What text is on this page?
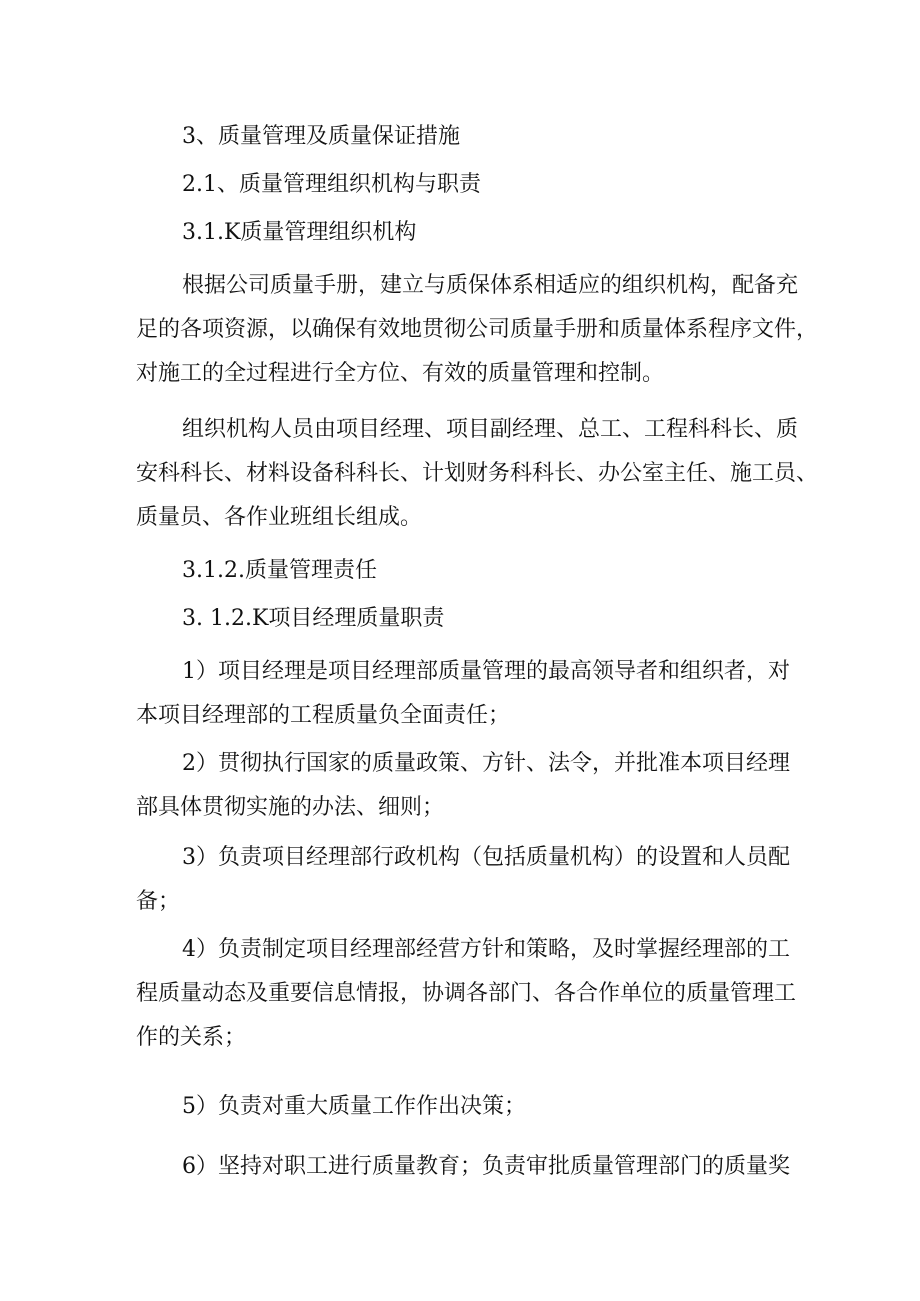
3、质量管理及质量保证措施
2.1、质量管理组织机构与职责
3.1.K质量管理组织机构
根据公司质量手册，建立与质保体系相适应的组织机构，配备充
足的各项资源，以确保有效地贯彻公司质量手册和质量体系程序文件，
对施工的全过程进行全方位、有效的质量管理和控制。
组织机构人员由项目经理、项目副经理、总工、工程科科长、质
安科科长、材料设备科科长、计划财务科科长、办公室主任、施工员、
质量员、各作业班组长组成。
3.1.2.质量管理责任
3. 1.2.K项目经理质量职责
1）项目经理是项目经理部质量管理的最高领导者和组织者，对
本项目经理部的工程质量负全面责任；
2）贯彻执行国家的质量政策、方针、法令，并批准本项目经理
部具体贯彻实施的办法、细则；
3）负责项目经理部行政机构（包括质量机构）的设置和人员配
备；
4）负责制定项目经理部经营方针和策略，及时掌握经理部的工
程质量动态及重要信息情报，协调各部门、各合作单位的质量管理工
作的关系；
5）负责对重大质量工作作出决策；
6）坚持对职工进行质量教育；负责审批质量管理部门的质量奖
